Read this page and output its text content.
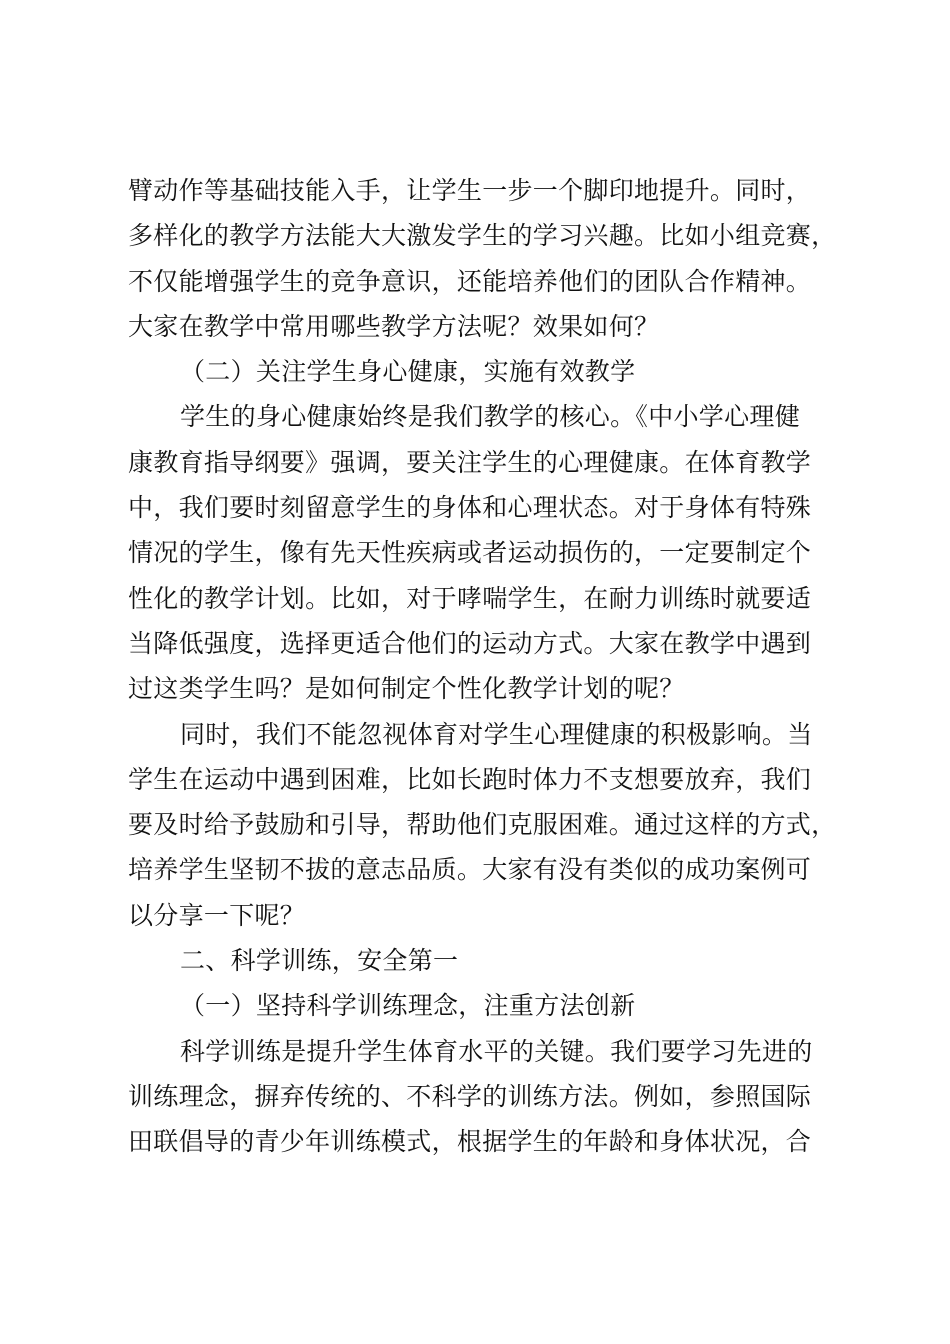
臂动作等基础技能入手，让学生一步一个脚印地提升。同时，
多样化的教学方法能大大激发学生的学习兴趣。比如小组竞赛，
不仅能增强学生的竞争意识，还能培养他们的团队合作精神。
大家在教学中常用哪些教学方法呢？效果如何？
（二）关注学生身心健康，实施有效教学
学生的身心健康始终是我们教学的核心。《中小学心理健
康教育指导纲要》强调，要关注学生的心理健康。在体育教学
中，我们要时刻留意学生的身体和心理状态。对于身体有特殊
情况的学生，像有先天性疾病或者运动损伤的，一定要制定个
性化的教学计划。比如，对于哮喘学生，在耐力训练时就要适
当降低强度，选择更适合他们的运动方式。大家在教学中遇到
过这类学生吗？是如何制定个性化教学计划的呢？
同时，我们不能忽视体育对学生心理健康的积极影响。当
学生在运动中遇到困难，比如长跑时体力不支想要放弃，我们
要及时给予鼓励和引导，帮助他们克服困难。通过这样的方式，
培养学生坚韧不拔的意志品质。大家有没有类似的成功案例可
以分享一下呢？
二、科学训练，安全第一
（一）坚持科学训练理念，注重方法创新
科学训练是提升学生体育水平的关键。我们要学习先进的
训练理念，摒弃传统的、不科学的训练方法。例如，参照国际
田联倡导的青少年训练模式，根据学生的年龄和身体状况，合
